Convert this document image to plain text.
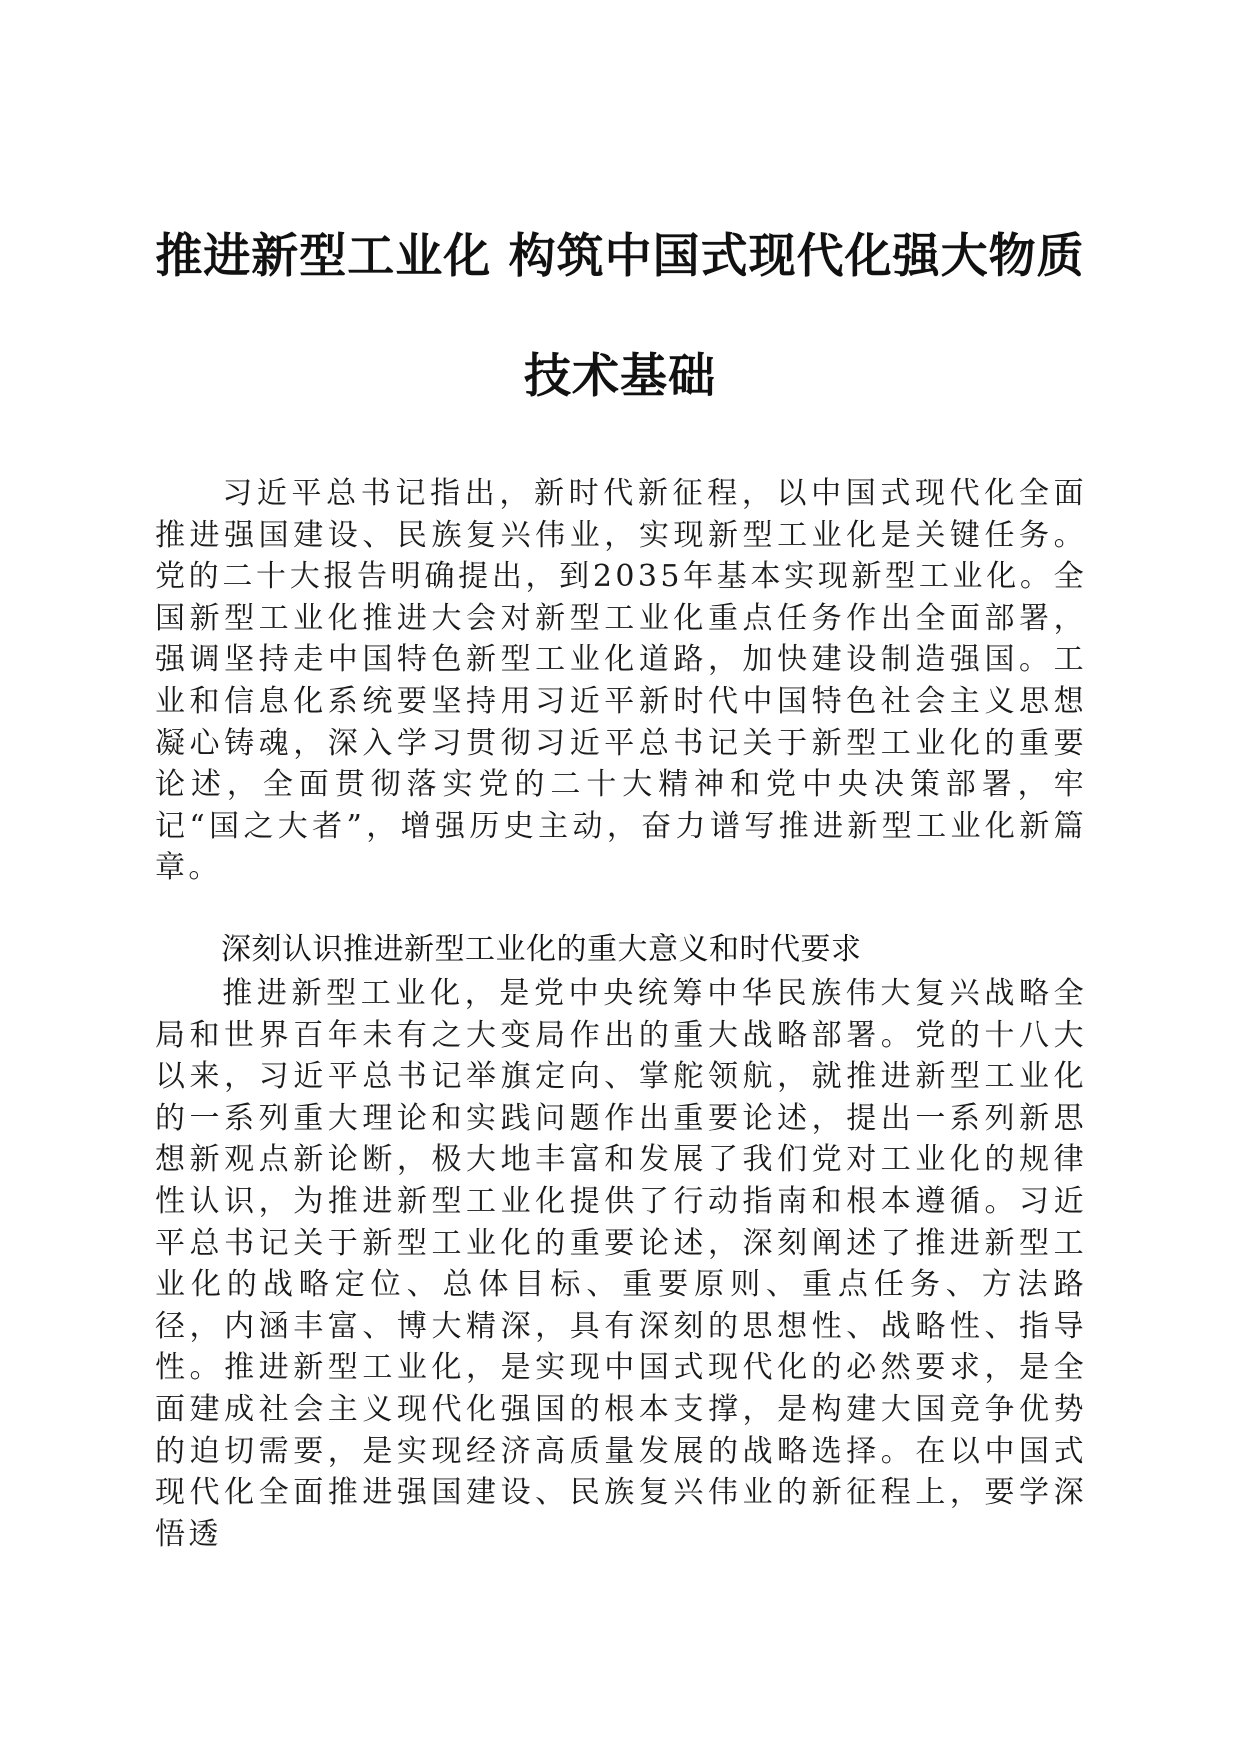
推进新型工业化 构筑中国式现代化强大物质
技术基础

习近平总书记指出，新时代新征程，以中国式现代化全面推进强国建设、民族复兴伟业，实现新型工业化是关键任务。党的二十大报告明确提出，到2035年基本实现新型工业化。全国新型工业化推进大会对新型工业化重点任务作出全面部署，强调坚持走中国特色新型工业化道路，加快建设制造强国。工业和信息化系统要坚持用习近平新时代中国特色社会主义思想凝心铸魂，深入学习贯彻习近平总书记关于新型工业化的重要论述，全面贯彻落实党的二十大精神和党中央决策部署，牢记“国之大者”，增强历史主动，奋力谱写推进新型工业化新篇章。

深刻认识推进新型工业化的重大意义和时代要求

推进新型工业化，是党中央统筹中华民族伟大复兴战略全局和世界百年未有之大变局作出的重大战略部署。党的十八大以来，习近平总书记举旗定向、掌舵领航，就推进新型工业化的一系列重大理论和实践问题作出重要论述，提出一系列新思想新观点新论断，极大地丰富和发展了我们党对工业化的规律性认识，为推进新型工业化提供了行动指南和根本遵循。习近平总书记关于新型工业化的重要论述，深刻阐述了推进新型工业化的战略定位、总体目标、重要原则、重点任务、方法路径，内涵丰富、博大精深，具有深刻的思想性、战略性、指导性。推进新型工业化，是实现中国式现代化的必然要求，是全面建成社会主义现代化强国的根本支撑，是构建大国竞争优势的迫切需要，是实现经济高质量发展的战略选择。在以中国式现代化全面推进强国建设、民族复兴伟业的新征程上，要学深悟透
